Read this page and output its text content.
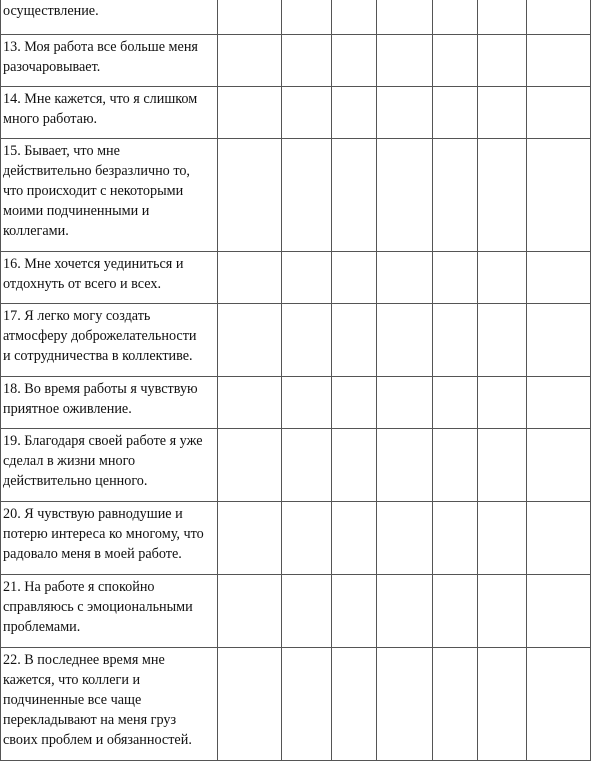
осуществление.							
13. Моя работа все больше меня
разочаровывает.							
14. Мне кажется, что я слишком
много работаю.							
15. Бывает, что мне
действительно безразлично то,
что происходит с некоторыми
моими подчиненными и
коллегами.							
16. Мне хочется уединиться и
отдохнуть от всего и всех.							
17. Я легко могу создать
атмосферу доброжелательности
и сотрудничества в коллективе.							
18. Во время работы я чувствую
приятное оживление.							
19. Благодаря своей работе я уже
сделал в жизни много
действительно ценного.							
20. Я чувствую равнодушие и
потерю интереса ко многому, что
радовало меня в моей работе.							
21. На работе я спокойно
справляюсь с эмоциональными
проблемами.							
22. В последнее время мне
кажется, что коллеги и
подчиненные все чаще
перекладывают на меня груз
своих проблем и обязанностей.							
